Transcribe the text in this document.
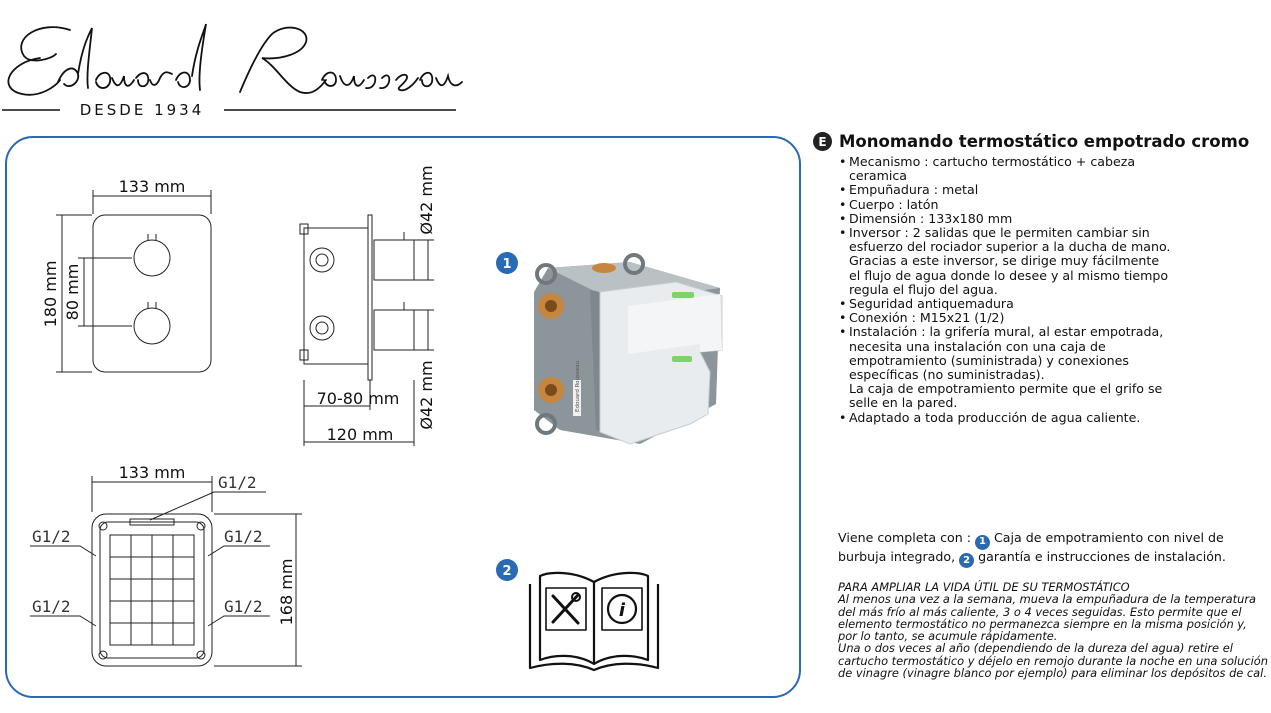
DESDE 1934
133 mm
180 mm 80 mm
Ø42 mm
Ø42 mm
70-80 mm
120 mm
133 mm
168 mm
G1/2
G1/2
G1/2
G1/2
G1/2
1
Edouard Rousseau
2
i
E Monomando termostático empotrado cromo
• Mecanismo : cartucho termostático + cabeza
ceramica
• Empuñadura : metal
• Cuerpo : latón
• Dimensión : 133x180 mm
• Inversor : 2 salidas que le permiten cambiar sin
esfuerzo del rociador superior a la ducha de mano.
Gracias a este inversor, se dirige muy fácilmente
el flujo de agua donde lo desee y al mismo tiempo
regula el flujo del agua.
• Seguridad antiquemadura
• Conexión : M15x21 (1/2)
• Instalación : la grifería mural, al estar empotrada,
necesita una instalación con una caja de
empotramiento (suministrada) y conexiones
específicas (no suministradas).
La caja de empotramiento permite que el grifo se
selle en la pared.
• Adaptado a toda producción de agua caliente.
Viene completa con : 1 Caja de empotramiento con nivel de burbuja integrado, 2 garantía e instrucciones de instalación.

PARA AMPLIAR LA VIDA ÚTIL DE SU TERMOSTÁTICO

Al menos una vez a la semana, mueva la empuñadura de la temperatura del más frío al más caliente, 3 o 4 veces seguidas. Esto permite que el elemento termostático no permanezca siempre en la misma posición y, por lo tanto, se acumule rápidamente.

Una o dos veces al año (dependiendo de la dureza del agua) retire el cartucho termostático y déjelo en remojo durante la noche en una solución de vinagre (vinagre blanco por ejemplo) para eliminar los depósitos de cal.
